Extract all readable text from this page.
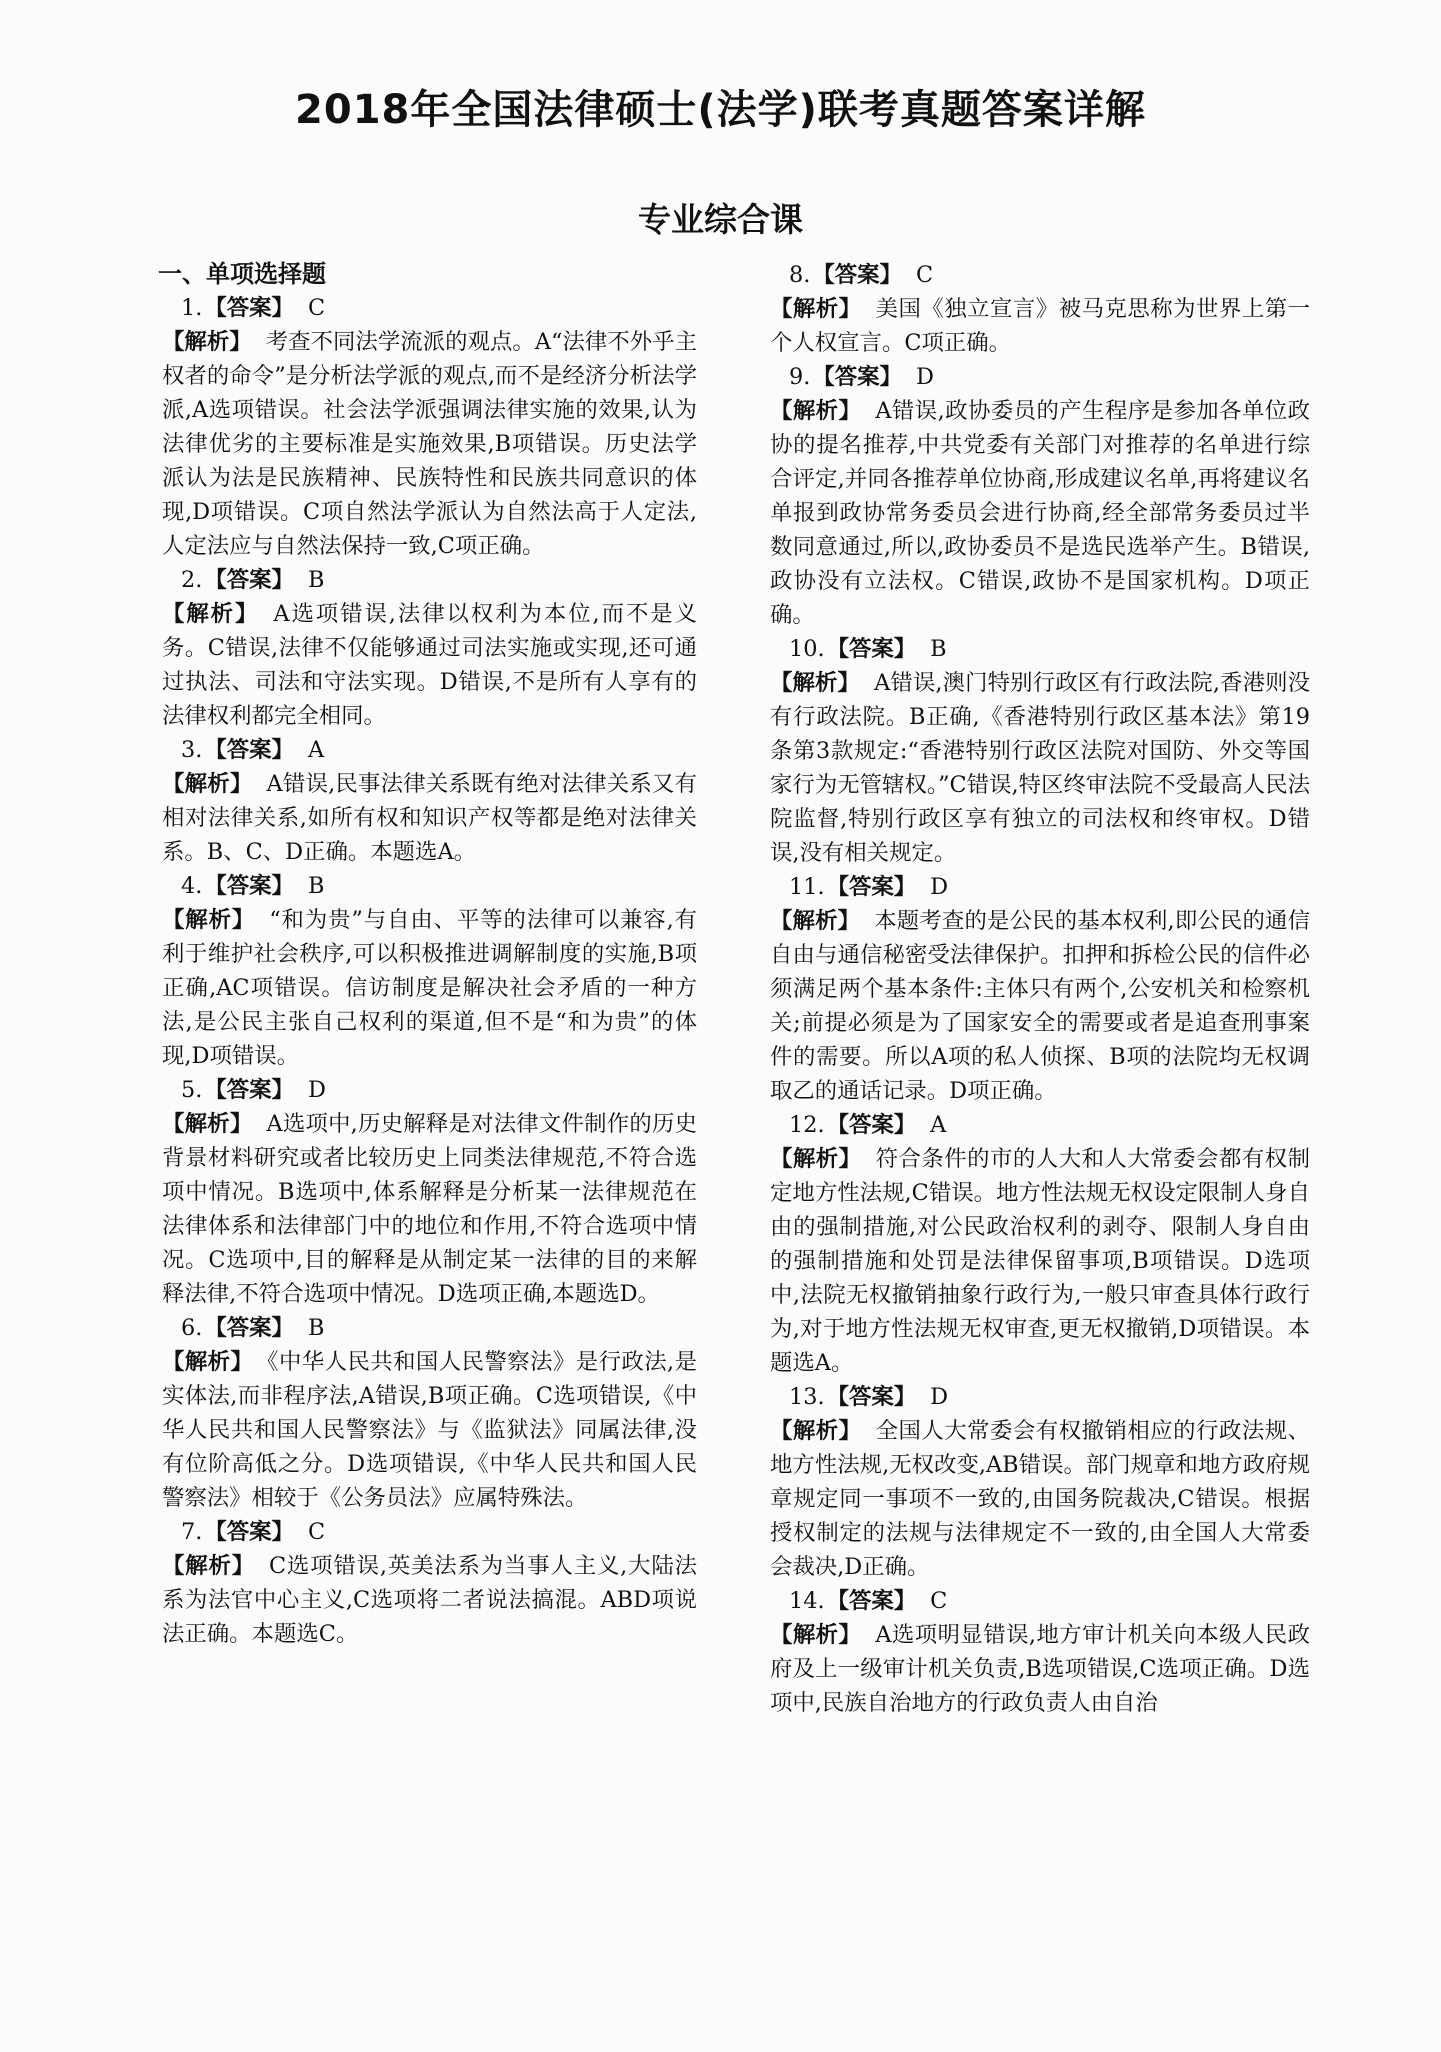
2018年全国法律硕士(法学)联考真题答案详解
专业综合课
一、单项选择题

1.【答案】 C

【解析】 考查不同法学流派的观点。A“法律不外乎主权者的命令”是分析法学派的观点,而不是经济分析法学派,A选项错误。社会法学派强调法律实施的效果,认为法律优劣的主要标准是实施效果,B项错误。历史法学派认为法是民族精神、民族特性和民族共同意识的体现,D项错误。C项自然法学派认为自然法高于人定法,人定法应与自然法保持一致,C项正确。

2.【答案】 B

【解析】 A选项错误,法律以权利为本位,而不是义务。C错误,法律不仅能够通过司法实施或实现,还可通过执法、司法和守法实现。D错误,不是所有人享有的法律权利都完全相同。

3.【答案】 A

【解析】 A错误,民事法律关系既有绝对法律关系又有相对法律关系,如所有权和知识产权等都是绝对法律关系。B、C、D正确。本题选A。

4.【答案】 B

【解析】 “和为贵”与自由、平等的法律可以兼容,有利于维护社会秩序,可以积极推进调解制度的实施,B项正确,AC项错误。信访制度是解决社会矛盾的一种方法,是公民主张自己权利的渠道,但不是“和为贵”的体现,D项错误。

5.【答案】 D

【解析】 A选项中,历史解释是对法律文件制作的历史背景材料研究或者比较历史上同类法律规范,不符合选项中情况。B选项中,体系解释是分析某一法律规范在法律体系和法律部门中的地位和作用,不符合选项中情况。C选项中,目的解释是从制定某一法律的目的来解释法律,不符合选项中情况。D选项正确,本题选D。

6.【答案】 B

【解析】 《中华人民共和国人民警察法》是行政法,是实体法,而非程序法,A错误,B项正确。C选项错误,《中华人民共和国人民警察法》与《监狱法》同属法律,没有位阶高低之分。D选项错误,《中华人民共和国人民警察法》相较于《公务员法》应属特殊法。

7.【答案】 C

【解析】 C选项错误,英美法系为当事人主义,大陆法系为法官中心主义,C选项将二者说法搞混。ABD项说法正确。本题选C。

8.【答案】 C

【解析】 美国《独立宣言》被马克思称为世界上第一个人权宣言。C项正确。

9.【答案】 D

【解析】 A错误,政协委员的产生程序是参加各单位政协的提名推荐,中共党委有关部门对推荐的名单进行综合评定,并同各推荐单位协商,形成建议名单,再将建议名单报到政协常务委员会进行协商,经全部常务委员过半数同意通过,所以,政协委员不是选民选举产生。B错误,政协没有立法权。C错误,政协不是国家机构。D项正确。

10.【答案】 B

【解析】 A错误,澳门特别行政区有行政法院,香港则没有行政法院。B正确,《香港特别行政区基本法》第19条第3款规定:“香港特别行政区法院对国防、外交等国家行为无管辖权。”C错误,特区终审法院不受最高人民法院监督,特别行政区享有独立的司法权和终审权。D错误,没有相关规定。

11.【答案】 D

【解析】 本题考查的是公民的基本权利,即公民的通信自由与通信秘密受法律保护。扣押和拆检公民的信件必须满足两个基本条件:主体只有两个,公安机关和检察机关;前提必须是为了国家安全的需要或者是追查刑事案件的需要。所以A项的私人侦探、B项的法院均无权调取乙的通话记录。D项正确。

12.【答案】 A

【解析】 符合条件的市的人大和人大常委会都有权制定地方性法规,C错误。地方性法规无权设定限制人身自由的强制措施,对公民政治权利的剥夺、限制人身自由的强制措施和处罚是法律保留事项,B项错误。D选项中,法院无权撤销抽象行政行为,一般只审查具体行政行为,对于地方性法规无权审查,更无权撤销,D项错误。本题选A。

13.【答案】 D

【解析】 全国人大常委会有权撤销相应的行政法规、地方性法规,无权改变,AB错误。部门规章和地方政府规章规定同一事项不一致的,由国务院裁决,C错误。根据授权制定的法规与法律规定不一致的,由全国人大常委会裁决,D正确。

14.【答案】 C

【解析】 A选项明显错误,地方审计机关向本级人民政府及上一级审计机关负责,B选项错误,C选项正确。D选项中,民族自治地方的行政负责人由自治
